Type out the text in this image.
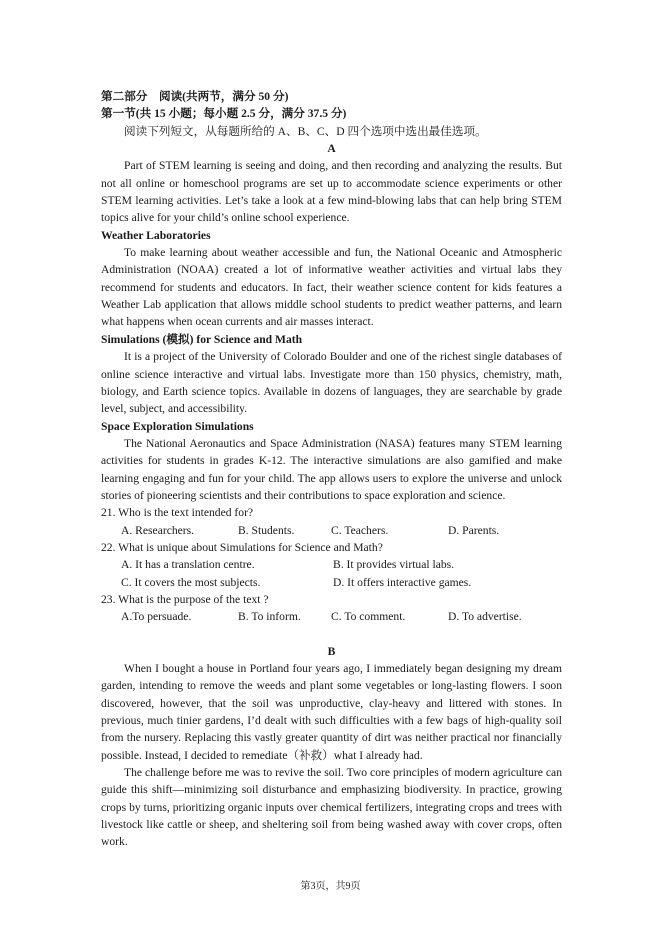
第二部分　阅读(共两节，满分 50 分)
第一节(共 15 小题；每小题 2.5 分，满分 37.5 分)
阅读下列短文，从每题所给的 A、B、C、D 四个选项中选出最佳选项。
A

Part of STEM learning is seeing and doing, and then recording and analyzing the results. But not all online or homeschool programs are set up to accommodate science experiments or other STEM learning activities. Let’s take a look at a few mind-blowing labs that can help bring STEM topics alive for your child’s online school experience.

Weather Laboratories

To make learning about weather accessible and fun, the National Oceanic and Atmospheric Administration (NOAA) created a lot of informative weather activities and virtual labs they recommend for students and educators. In fact, their weather science content for kids features a Weather Lab application that allows middle school students to predict weather patterns, and learn what happens when ocean currents and air masses interact.

Simulations (模拟) for Science and Math

It is a project of the University of Colorado Boulder and one of the richest single databases of online science interactive and virtual labs. Investigate more than 150 physics, chemistry, math, biology, and Earth science topics. Available in dozens of languages, they are searchable by grade level, subject, and accessibility.

Space Exploration Simulations

The National Aeronautics and Space Administration (NASA) features many STEM learning activities for students in grades K-12. The interactive simulations are also gamified and make learning engaging and fun for your child. The app allows users to explore the universe and unlock stories of pioneering scientists and their contributions to space exploration and science.

21. Who is the text intended for?
A. Researchers.	B. Students.	C. Teachers.	D. Parents.
22. What is unique about Simulations for Science and Math?
A. It has a translation centre.	B. It provides virtual labs.
C. It covers the most subjects.	D. It offers interactive games.
23. What is the purpose of the text ?
A.To persuade.	B. To inform.	C. To comment.	D. To advertise.
B

When I bought a house in Portland four years ago, I immediately began designing my dream garden, intending to remove the weeds and plant some vegetables or long-lasting flowers. I soon discovered, however, that the soil was unproductive, clay-heavy and littered with stones. In previous, much tinier gardens, I’d dealt with such difficulties with a few bags of high-quality soil from the nursery. Replacing this vastly greater quantity of dirt was neither practical nor financially possible. Instead, I decided to remediate（补救）what I already had.

The challenge before me was to revive the soil. Two core principles of modern agriculture can guide this shift—minimizing soil disturbance and emphasizing biodiversity. In practice, growing crops by turns, prioritizing organic inputs over chemical fertilizers, integrating crops and trees with livestock like cattle or sheep, and sheltering soil from being washed away with cover crops, often work.

第3页，共9页
